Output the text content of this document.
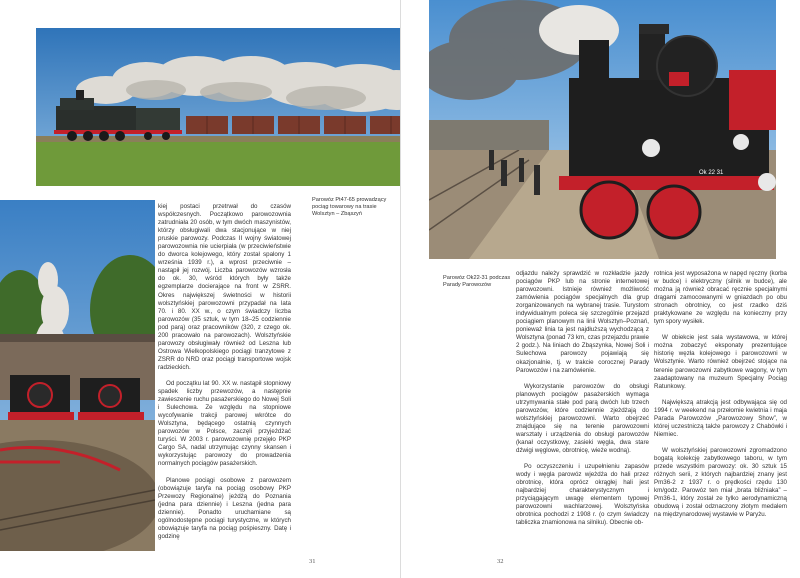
kiej postaci przetrwał do czasów współczesnych. Początkowo parowozownia zatrudniała 20 osób, w tym dwóch maszynistów, którzy obsługiwali dwa stacjonujące w niej pruskie parowozy. Podczas II wojny światowej parowozownia nie ucierpiała (w przeciwieństwie do dworca kolejowego, który został spalony 1 września 1939 r.), a wprost przeciwnie – nastąpił jej rozwój. Liczba parowozów wzrosła do ok. 30, wśród których były także egzemplarze docierające na front w ZSRR. Okres największej świetności w historii wolsztyńskiej parowozowni przypadał na lata 70. i 80. XX w., o czym świadczy liczba parowozów (35 sztuk, w tym 18–25 codziennie pod parą) oraz pracowników (320, z czego ok. 200 pracowało na parowozach). Wolsztyńskie parowozy obsługiwały również od Leszna lub Ostrowa Wielkopolskiego pociągi tranzytowe z ZSRR do NRD oraz pociągi transportowe wojsk radzieckich.

Od początku lat 90. XX w. nastąpił stopniowy spadek liczby przewozów, a następnie zawieszenie ruchu pasażerskiego do Nowej Soli i Sulechowa. Ze względu na stopniowe wycofywanie trakcji parowej wkrótce do Wolsztyna, będącego ostatnią czynnych parowozów w Polsce, zaczęli przyjeżdżać turyści. W 2003 r. parowozownię przejęło PKP Cargo SA, nadal utrzymując czynny skansen i wykorzystując parowozy do prowadzenia normalnych pociągów pasażerskich.

Planowe pociągi osobowe z parowozem (obowiązuje taryfa na pociąg osobowy PKP Przewozy Regionalne) jeżdżą do Poznania (jedna para dziennie) i Leszna (jedna para dziennie). Ponadto uruchamiane są ogólnodostępne pociągi turystyczne, w których obowiązuje taryfa na pociąg pośpieszny. Datę i godzinę

Parowóz Pt47-65 prowadzący pociąg towarowy na trasie Wolsztyn – Zbąszyń
31
Ok 22 31
Parowóz Ok22-31 podczas Parady Parowozów

odjazdu należy sprawdzić w rozkładzie jazdy pociągów PKP lub na stronie internetowej parowozowni. Istnieje również możliwość zamówienia pociągów specjalnych dla grup zorganizowanych na wybranej trasie. Turystom indywidualnym poleca się szczególnie przejazd pociągiem planowym na linii Wolsztyn–Poznań, ponieważ linia ta jest najdłuższą wychodzącą z Wolsztyna (ponad 73 km, czas przejazdu prawie 2 godz.). Na liniach do Zbąszynka, Nowej Soli i Sulechowa parowozy pojawiają się okazjonalnie, tj. w trakcie corocznej Parady Parowozów i na zamówienie.

Wykorzystanie parowozów do obsługi planowych pociągów pasażerskich wymaga utrzymywania stałe pod parą dwóch lub trzech parowozów, które codziennie zjeżdżają do wolsztyńskiej parowozowni. Warto obejrzeć znajdujące się na terenie parowozowni warsztaty i urządzenia do obsługi parowozów (kanał oczystkowy, zasieki węgla, dwa stare dźwigi węglowe, obrotnicę, wieże wodną).

Po oczyszczeniu i uzupełnieniu zapasów wody i węgla parowóz wjeżdża do hali przez obrotnicę, która oprócz okrągłej hali jest najbardziej charakterystycznym i przyciągającym uwagę elementem typowej parowozowni wachlarzowej. Wolsztyńska obrotnica pochodzi z 1908 r. (o czym świadczy tabliczka znamionowa na silniku). Obecnie ob-

rotnica jest wyposażona w napęd ręczny (korba w budce) i elektryczny (silnik w budce), ale można ją również obracać ręcznie specjalnymi drągami zamocowanymi w gniazdach po obu stronach obrotnicy, co jest rzadko dziś praktykowane ze względu na konieczny przy tym spory wysiłek.

W obiekcie jest sala wystawowa, w której można zobaczyć eksponaty prezentujące historię węzła kolejowego i parowozowni w Wolsztynie. Warto również obejrzeć stojące na terenie parowozowni zabytkowe wagony, w tym zaadaptowany na muzeum Specjalny Pociąg Ratunkowy.

Największą atrakcją jest odbywająca się od 1994 r. w weekend na przełomie kwietnia i maja Parada Parowozów „Parowozowy Show”, w której uczestniczą także parowozy z Chabówki i Niemiec.

W wolsztyńskiej parowozowni zgromadzono bogatą kolekcję zabytkowego taboru, w tym przede wszystkim parowozy: ok. 30 sztuk 15 różnych serii, z których najbardziej znany jest Pm36-2 z 1937 r. o prędkości rzędu 130 km/godz. Parowóz ten miał „brata bliźniaka” – Pm36-1, który został ze tylko aerodynamiczną obudową i został odznaczony złotym medalem na międzynarodowej wystawie w Paryżu.

32
